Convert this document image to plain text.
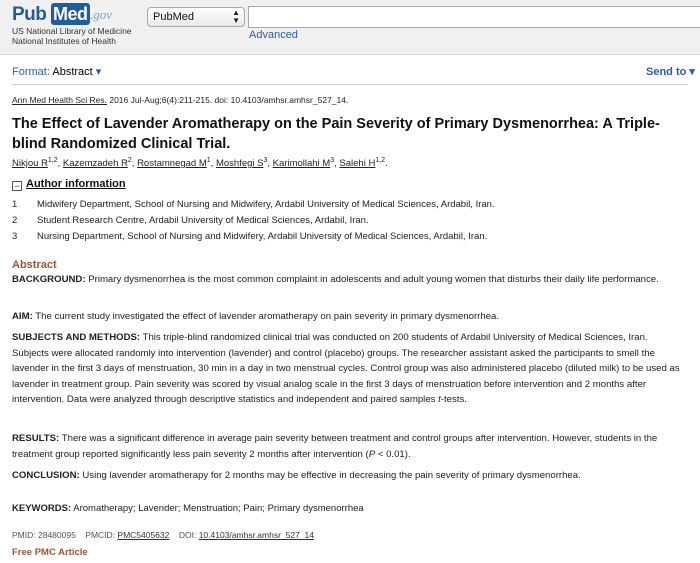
Pub Med .gov
US National Library of Medicine
National Institutes of Health
PubMed	▲
▼
Advanced
Format: Abstract ▾	Send to ▾
Ann Med Health Sci Res. 2016 Jul-Aug;6(4):211-215. doi: 10.4103/amhsr.amhsr_527_14.
The Effect of Lavender Aromatherapy on the Pain Severity of Primary Dysmenorrhea: A Triple-blind Randomized Clinical Trial.
Nikjou R$^{1,2}$, Kazemzadeh $R^2$, Rostamnegad $M^1$, Moshfegi $S^3$, Karimollahi $M^3$, Salehi H$^{1,2}$.
− Author information
1	Midwifery Department, School of Nursing and Midwifery, Ardabil University of Medical Sciences, Ardabil, Iran.
2	Student Research Centre, Ardabil University of Medical Sciences, Ardabil, Iran.
3	Nursing Department, School of Nursing and Midwifery, Ardabil University of Medical Sciences, Ardabil, Iran.
Abstract
BACKGROUND: Primary dysmenorrhea is the most common complaint in adolescents and adult young women that disturbs their daily life performance.
AIM: The current study investigated the effect of lavender aromatherapy on pain severity in primary dysmenorrhea.
SUBJECTS AND METHODS: This triple-blind randomized clinical trial was conducted on 200 students of Ardabil University of Medical Sciences, Iran. Subjects were allocated randomly into intervention (lavender) and control (placebo) groups. The researcher assistant asked the participants to smell the lavender in the first 3 days of menstruation, 30 min in a day in two menstrual cycles. Control group was also administered placebo (diluted milk) to be used as lavender in treatment group. Pain severity was scored by visual analog scale in the first 3 days of menstruation before intervention and 2 months after intervention. Data were analyzed through descriptive statistics and independent and paired samples t-tests.
RESULTS: There was a significant difference in average pain severity between treatment and control groups after intervention. However, students in the treatment group reported significantly less pain severity 2 months after intervention (P < 0.01).
CONCLUSION: Using lavender aromatherapy for 2 months may be effective in decreasing the pain severity of primary dysmenorrhea.
KEYWORDS: Aromatherapy; Lavender; Menstruation; Pain; Primary dysmenorrhea
PMID: 28480095 PMCID: PMC5405632 DOI: 10.4103/amhsr.amhsr_527_14
Free PMC Article
